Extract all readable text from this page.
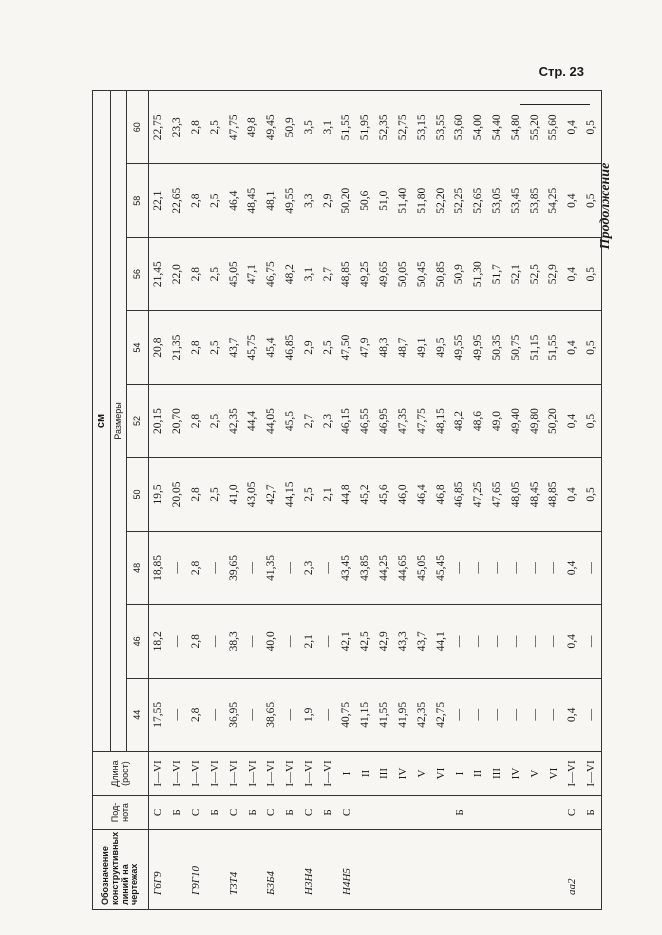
Стр. 23
Продолжение
Обозначение конструктивных линий на чертежах	Под-нота	Длина (рост)	см								
			Размеры								
			44	46	48	50	52	54	56	58	60
Г6Г9	С	I—VI	17,55	18,2	18,85	19,5	20,15	20,8	21,45	22,1	22,75
	Б	I—VI	—	—	—	20,05	20,70	21,35	22,0	22,65	23,3
Г9Г10	С	I—VI	2,8	2,8	2,8	2,8	2,8	2,8	2,8	2,8	2,8
	Б	I—VI	—	—	—	2,5	2,5	2,5	2,5	2,5	2,5
Т3Т4	С	I—VI	36,95	38,3	39,65	41,0	42,35	43,7	45,05	46,4	47,75
	Б	I—VI	—	—	—	43,05	44,4	45,75	47,1	48,45	49,8
Б3Б4	С	I—VI	38,65	40,0	41,35	42,7	44,05	45,4	46,75	48,1	49,45
	Б	I—VI	—	—	—	44,15	45,5	46,85	48,2	49,55	50,9
Н3Н4	С	I—VI	1,9	2,1	2,3	2,5	2,7	2,9	3,1	3,3	3,5
	Б	I—VI	—	—	—	2,1	2,3	2,5	2,7	2,9	3,1
Н4Н5	С	I	40,75	42,1	43,45	44,8	46,15	47,50	48,85	50,20	51,55
		II	41,15	42,5	43,85	45,2	46,55	47,9	49,25	50,6	51,95
		III	41,55	42,9	44,25	45,6	46,95	48,3	49,65	51,0	52,35
		IV	41,95	43,3	44,65	46,0	47,35	48,7	50,05	51,40	52,75
		V	42,35	43,7	45,05	46,4	47,75	49,1	50,45	51,80	53,15
		VI	42,75	44,1	45,45	46,8	48,15	49,5	50,85	52,20	53,55
	Б	I	—	—	—	46,85	48,2	49,55	50,9	52,25	53,60
		II	—	—	—	47,25	48,6	49,95	51,30	52,65	54,00
		III	—	—	—	47,65	49,0	50,35	51,7	53,05	54,40
		IV	—	—	—	48,05	49,40	50,75	52,1	53,45	54,80
		V	—	—	—	48,45	49,80	51,15	52,5	53,85	55,20
		VI	—	—	—	48,85	50,20	51,55	52,9	54,25	55,60
аа2	С	I—VI	0,4	0,4	0,4	0,4	0,4	0,4	0,4	0,4	0,4
	Б	I—VI	—	—	—	0,5	0,5	0,5	0,5	0,5	0,5
